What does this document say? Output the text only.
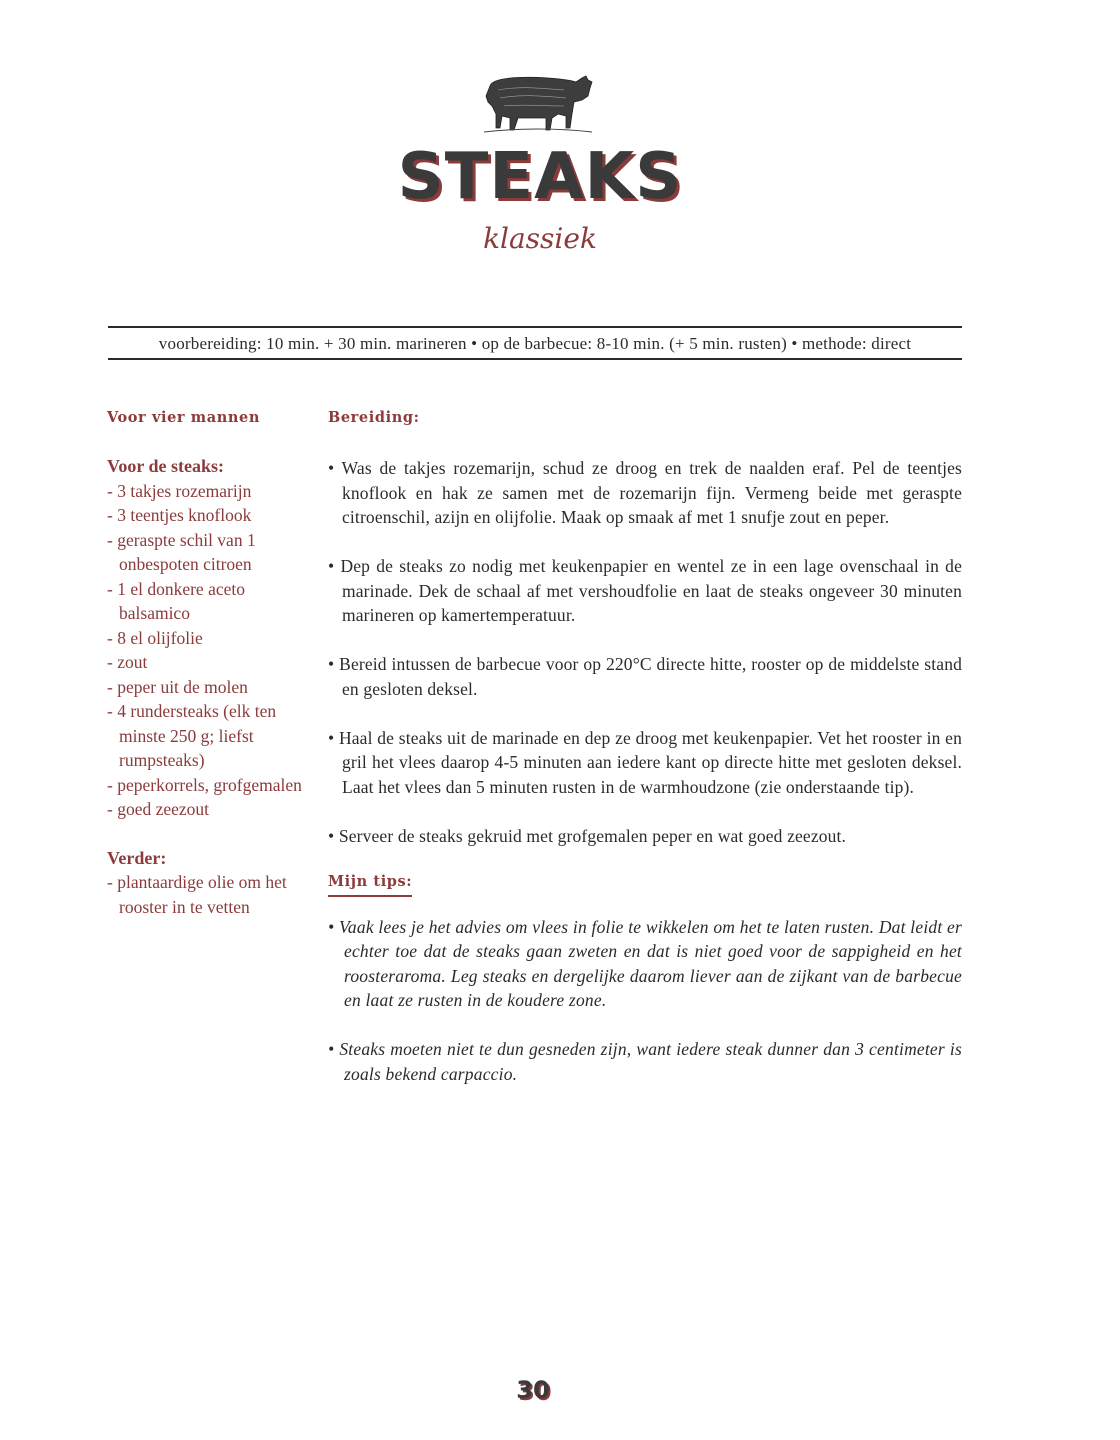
STEAKS
klassiek
voorbereiding: 10 min. + 30 min. marineren • op de barbecue: 8-10 min. (+ 5 min. rusten) • methode: direct
Voor vier mannen
Voor de steaks:
- 3 takjes rozemarijn
- 3 teentjes knoflook
- geraspte schil van 1 onbespoten citroen
- 1 el donkere aceto balsamico
- 8 el olijfolie
- zout
- peper uit de molen
- 4 rundersteaks (elk ten minste 250 g; liefst rumpsteaks)
- peperkorrels, grofgemalen
- goed zeezout
Verder:
- plantaardige olie om het rooster in te vetten
Bereiding:
• Was de takjes rozemarijn, schud ze droog en trek de naalden eraf. Pel de teentjes knoflook en hak ze samen met de rozemarijn fijn. Vermeng beide met geraspte citroenschil, azijn en olijfolie. Maak op smaak af met 1 snufje zout en peper.
• Dep de steaks zo nodig met keukenpapier en wentel ze in een lage ovenschaal in de marinade. Dek de schaal af met vershoudfolie en laat de steaks ongeveer 30 minuten marineren op kamertemperatuur.
• Bereid intussen de barbecue voor op 220°C directe hitte, rooster op de middelste stand en gesloten deksel.
• Haal de steaks uit de marinade en dep ze droog met keukenpapier. Vet het rooster in en gril het vlees daarop 4-5 minuten aan iedere kant op directe hitte met gesloten deksel. Laat het vlees dan 5 minuten rusten in de warmhoudzone (zie onderstaande tip).
• Serveer de steaks gekruid met grofgemalen peper en wat goed zeezout.
Mijn tips:
• Vaak lees je het advies om vlees in folie te wikkelen om het te laten rusten. Dat leidt er echter toe dat de steaks gaan zweten en dat is niet goed voor de sappigheid en het roosteraroma. Leg steaks en dergelijke daarom liever aan de zijkant van de barbecue en laat ze rusten in de koudere zone.
• Steaks moeten niet te dun gesneden zijn, want iedere steak dunner dan 3 centimeter is zoals bekend carpaccio.
30
